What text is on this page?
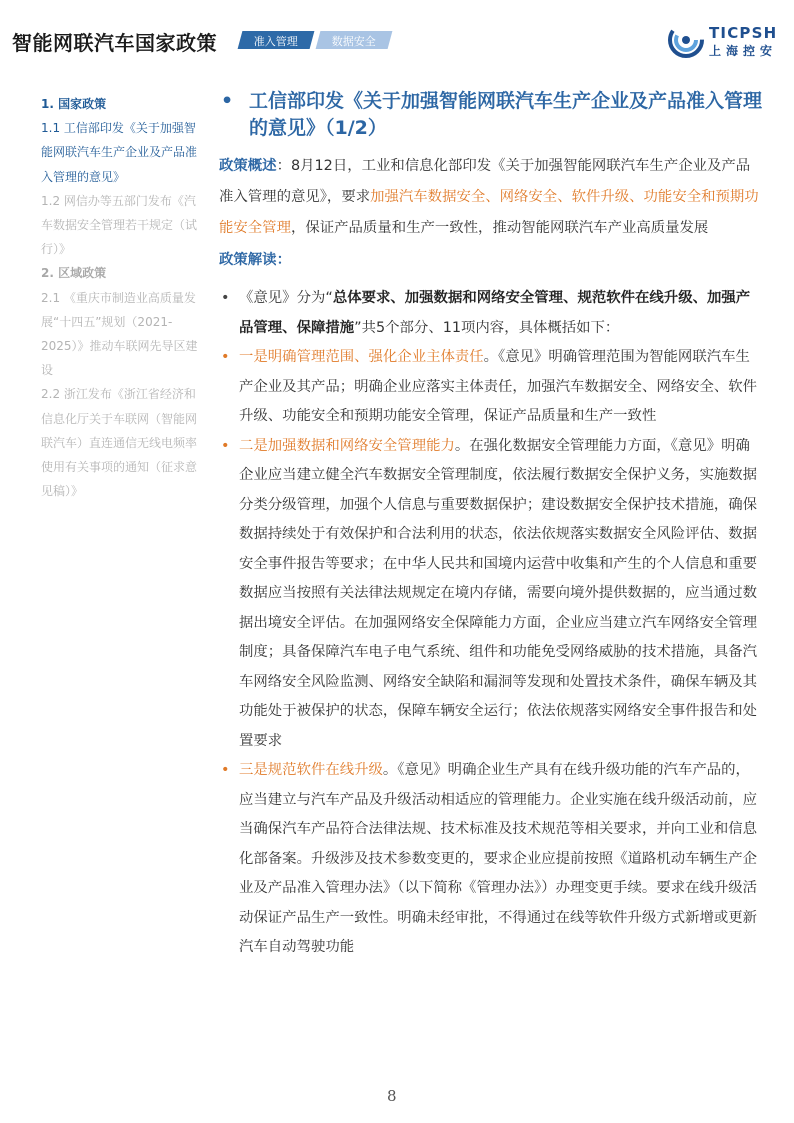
智能网联汽车国家政策	准入管理	数据安全	TICPSH
上海控安
1. 国家政策
1.1 工信部印发《关于加强智能网联汽车生产企业及产品准入管理的意见》
1.2 网信办等五部门发布《汽车数据安全管理若干规定（试行）》
2. 区域政策
2.1 《重庆市制造业高质量发展“十四五”规划（2021-2025）》推动车联网先导区建设
2.2 浙江发布《浙江省经济和信息化厅关于车联网（智能网联汽车）直连通信无线电频率使用有关事项的通知（征求意见稿）》
• 工信部印发《关于加强智能网联汽车生产企业及产品准入管理的意见》（1/2）

政策概述：8月12日，工业和信息化部印发《关于加强智能网联汽车生产企业及产品准入管理的意见》，要求加强汽车数据安全、网络安全、软件升级、功能安全和预期功能安全管理，保证产品质量和生产一致性，推动智能网联汽车产业高质量发展

政策解读：

• 《意见》分为“总体要求、加强数据和网络安全管理、规范软件在线升级、加强产品管理、保障措施”共5个部分、11项内容，具体概括如下：
• 一是明确管理范围、强化企业主体责任。《意见》明确管理范围为智能网联汽车生产企业及其产品；明确企业应落实主体责任，加强汽车数据安全、网络安全、软件升级、功能安全和预期功能安全管理，保证产品质量和生产一致性
• 二是加强数据和网络安全管理能力。在强化数据安全管理能力方面，《意见》明确企业应当建立健全汽车数据安全管理制度，依法履行数据安全保护义务，实施数据分类分级管理，加强个人信息与重要数据保护；建设数据安全保护技术措施，确保数据持续处于有效保护和合法利用的状态，依法依规落实数据安全风险评估、数据安全事件报告等要求；在中华人民共和国境内运营中收集和产生的个人信息和重要数据应当按照有关法律法规规定在境内存储，需要向境外提供数据的，应当通过数据出境安全评估。在加强网络安全保障能力方面，企业应当建立汽车网络安全管理制度；具备保障汽车电子电气系统、组件和功能免受网络威胁的技术措施，具备汽车网络安全风险监测、网络安全缺陷和漏洞等发现和处置技术条件，确保车辆及其功能处于被保护的状态，保障车辆安全运行；依法依规落实网络安全事件报告和处置要求
• 三是规范软件在线升级。《意见》明确企业生产具有在线升级功能的汽车产品的，应当建立与汽车产品及升级活动相适应的管理能力。企业实施在线升级活动前，应当确保汽车产品符合法律法规、技术标准及技术规范等相关要求，并向工业和信息化部备案。升级涉及技术参数变更的，要求企业应提前按照《道路机动车辆生产企业及产品准入管理办法》（以下简称《管理办法》）办理变更手续。要求在线升级活动保证产品生产一致性。明确未经审批，不得通过在线等软件升级方式新增或更新汽车自动驾驶功能
8
